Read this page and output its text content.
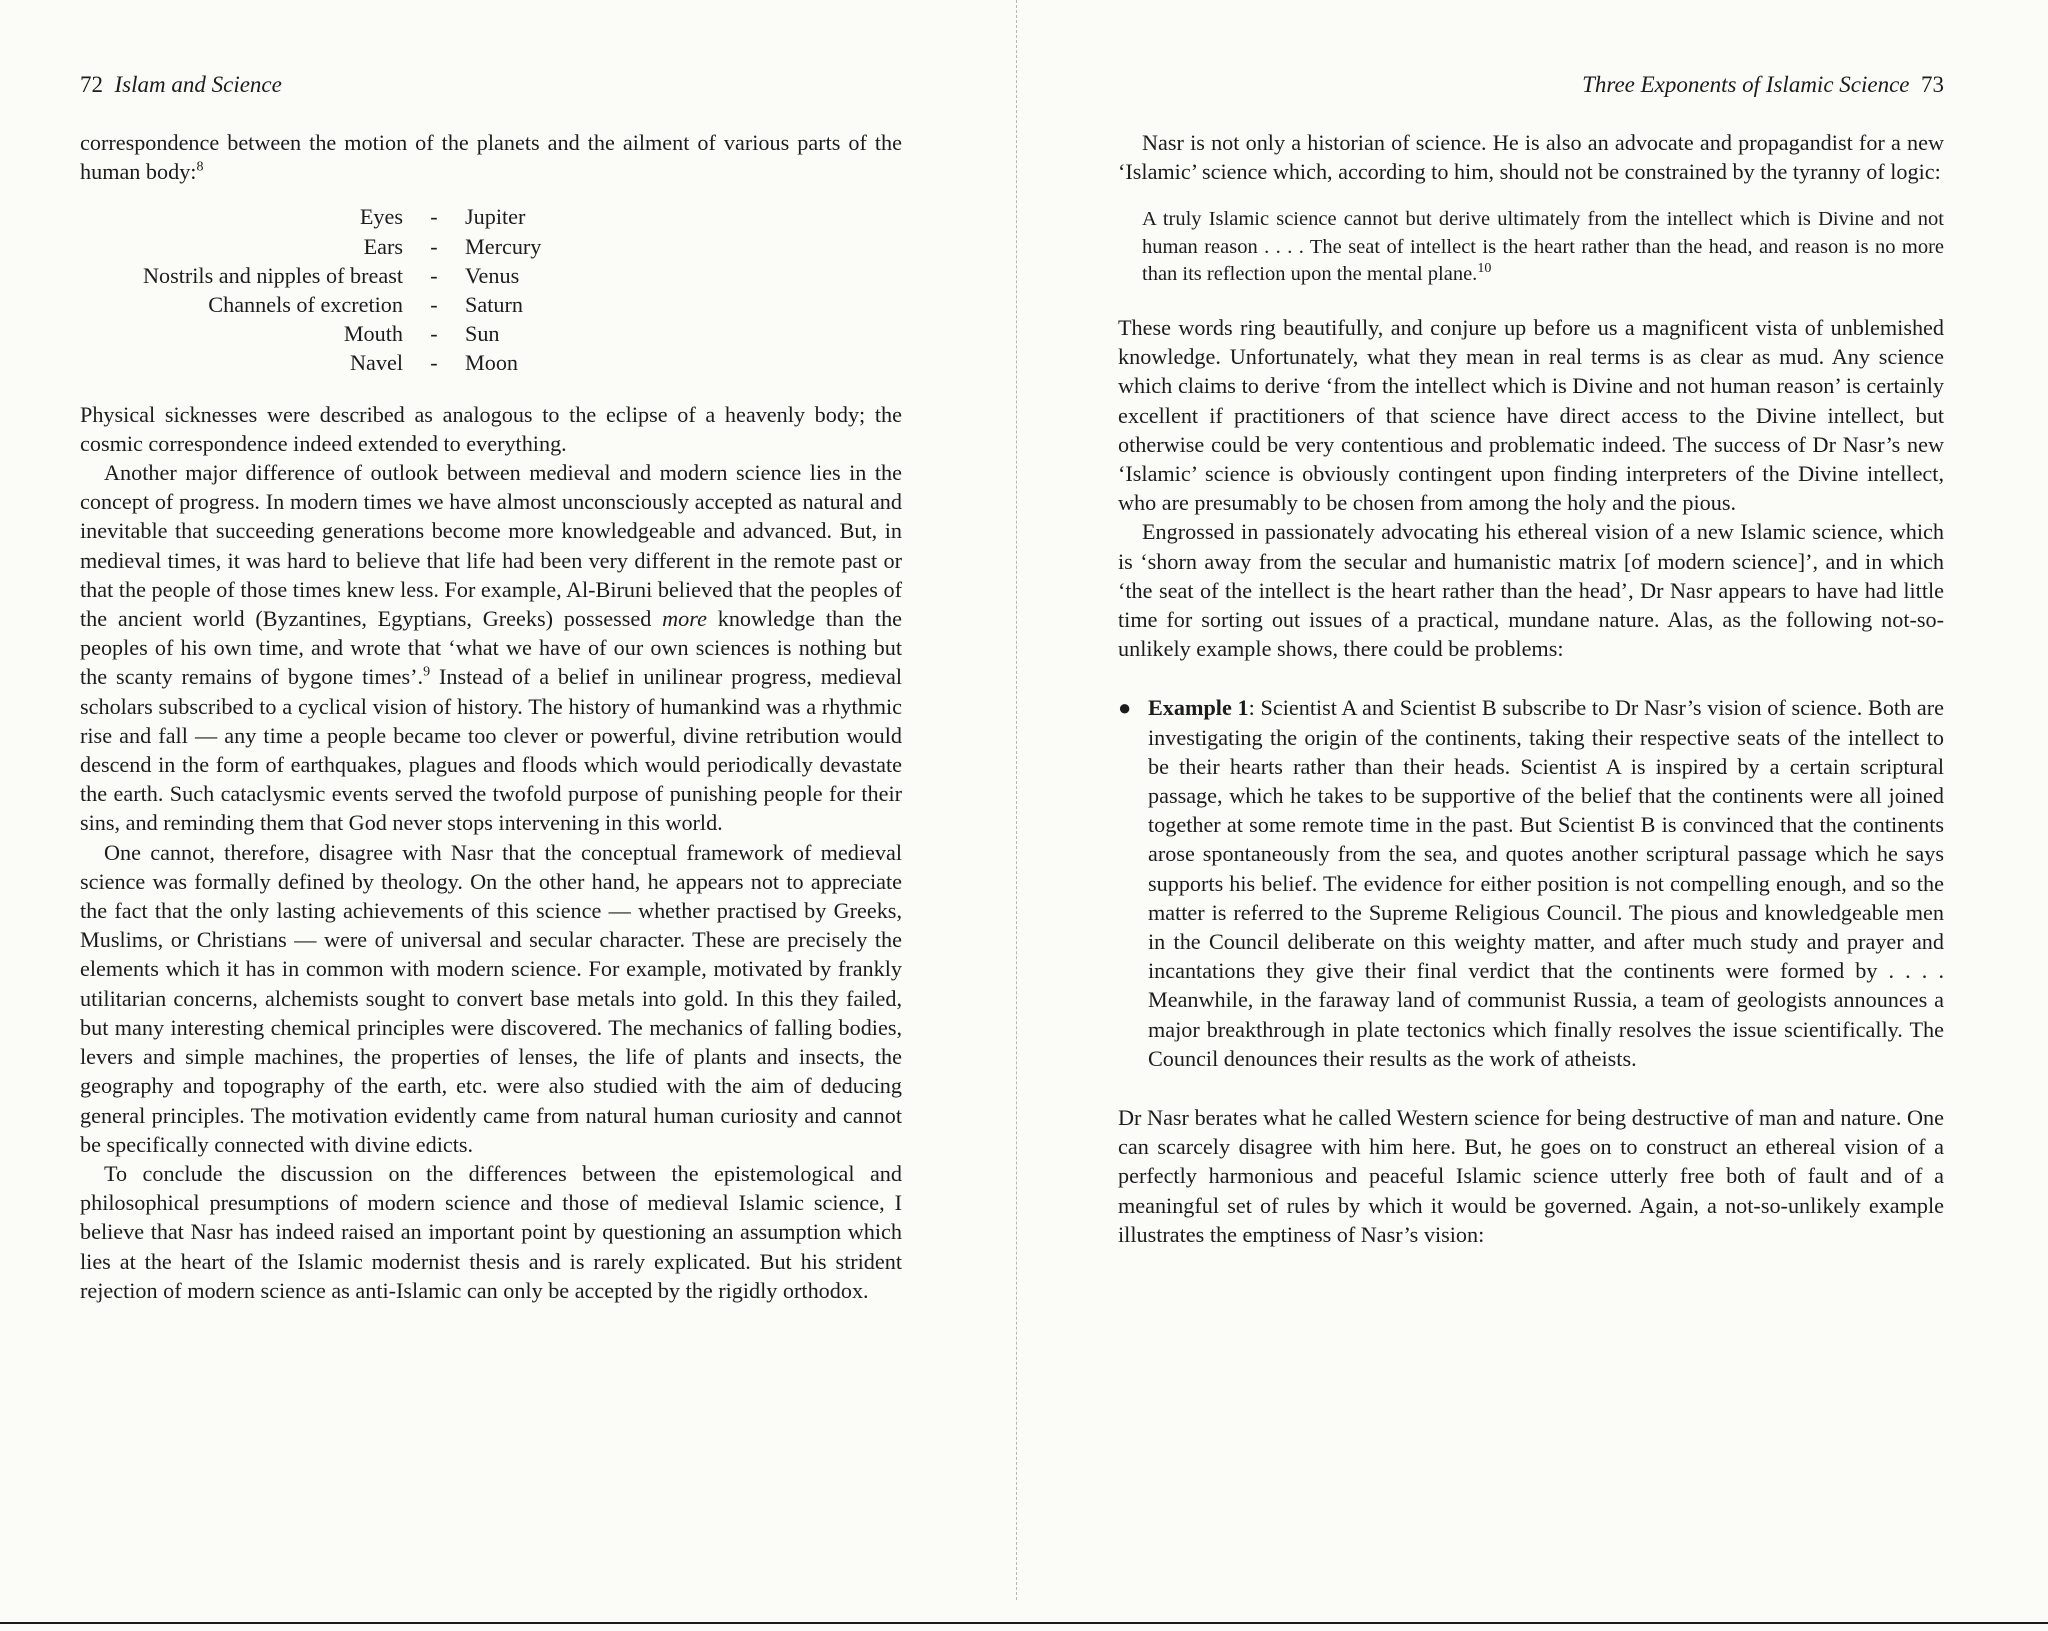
72 Islam and Science

correspondence between the motion of the planets and the ailment of various parts of the human body:$^8$

Eyes	-	Jupiter
Ears	-	Mercury
Nostrils and nipples of breast	-	Venus
Channels of excretion	-	Saturn
Mouth	-	Sun
Navel	-	Moon

Physical sicknesses were described as analogous to the eclipse of a heavenly body; the cosmic correspondence indeed extended to everything.

Another major difference of outlook between medieval and modern science lies in the concept of progress. In modern times we have almost unconsciously accepted as natural and inevitable that succeeding generations become more knowledgeable and advanced. But, in medieval times, it was hard to believe that life had been very different in the remote past or that the people of those times knew less. For example, Al-Biruni believed that the peoples of the ancient world (Byzantines, Egyptians, Greeks) possessed more knowledge than the peoples of his own time, and wrote that ‘what we have of our own sciences is nothing but the scanty remains of bygone times’.$^9$ Instead of a belief in unilinear progress, medieval scholars subscribed to a cyclical vision of history. The history of humankind was a rhythmic rise and fall — any time a people became too clever or powerful, divine retribution would descend in the form of earthquakes, plagues and floods which would periodically devastate the earth. Such cataclysmic events served the twofold purpose of punishing people for their sins, and reminding them that God never stops intervening in this world.

One cannot, therefore, disagree with Nasr that the conceptual framework of medieval science was formally defined by theology. On the other hand, he appears not to appreciate the fact that the only lasting achievements of this science — whether practised by Greeks, Muslims, or Christians — were of universal and secular character. These are precisely the elements which it has in common with modern science. For example, motivated by frankly utilitarian concerns, alchemists sought to convert base metals into gold. In this they failed, but many interesting chemical principles were discovered. The mechanics of falling bodies, levers and simple machines, the properties of lenses, the life of plants and insects, the geography and topography of the earth, etc. were also studied with the aim of deducing general principles. The motivation evidently came from natural human curiosity and cannot be specifically connected with divine edicts.

To conclude the discussion on the differences between the epistemological and philosophical presumptions of modern science and those of medieval Islamic science, I believe that Nasr has indeed raised an important point by questioning an assumption which lies at the heart of the Islamic modernist thesis and is rarely explicated. But his strident rejection of modern science as anti-Islamic can only be accepted by the rigidly orthodox.

Three Exponents of Islamic Science 73

Nasr is not only a historian of science. He is also an advocate and propagandist for a new ‘Islamic’ science which, according to him, should not be constrained by the tyranny of logic:

A truly Islamic science cannot but derive ultimately from the intellect which is Divine and not human reason . . . . The seat of intellect is the heart rather than the head, and reason is no more than its reflection upon the mental plane.$^{10}$

These words ring beautifully, and conjure up before us a magnificent vista of unblemished knowledge. Unfortunately, what they mean in real terms is as clear as mud. Any science which claims to derive ‘from the intellect which is Divine and not human reason’ is certainly excellent if practitioners of that science have direct access to the Divine intellect, but otherwise could be very contentious and problematic indeed. The success of Dr Nasr’s new ‘Islamic’ science is obviously contingent upon finding interpreters of the Divine intellect, who are presumably to be chosen from among the holy and the pious.

Engrossed in passionately advocating his ethereal vision of a new Islamic science, which is ‘shorn away from the secular and humanistic matrix [of modern science]’, and in which ‘the seat of the intellect is the heart rather than the head’, Dr Nasr appears to have had little time for sorting out issues of a practical, mundane nature. Alas, as the following not-so-unlikely example shows, there could be problems:

● Example 1: Scientist A and Scientist B subscribe to Dr Nasr’s vision of science. Both are investigating the origin of the continents, taking their respective seats of the intellect to be their hearts rather than their heads. Scientist A is inspired by a certain scriptural passage, which he takes to be supportive of the belief that the continents were all joined together at some remote time in the past. But Scientist B is convinced that the continents arose spontaneously from the sea, and quotes another scriptural passage which he says supports his belief. The evidence for either position is not compelling enough, and so the matter is referred to the Supreme Religious Council. The pious and knowledgeable men in the Council deliberate on this weighty matter, and after much study and prayer and incantations they give their final verdict that the continents were formed by . . . . Meanwhile, in the faraway land of communist Russia, a team of geologists announces a major breakthrough in plate tectonics which finally resolves the issue scientifically. The Council denounces their results as the work of atheists.

Dr Nasr berates what he called Western science for being destructive of man and nature. One can scarcely disagree with him here. But, he goes on to construct an ethereal vision of a perfectly harmonious and peaceful Islamic science utterly free both of fault and of a meaningful set of rules by which it would be governed. Again, a not-so-unlikely example illustrates the emptiness of Nasr’s vision:
